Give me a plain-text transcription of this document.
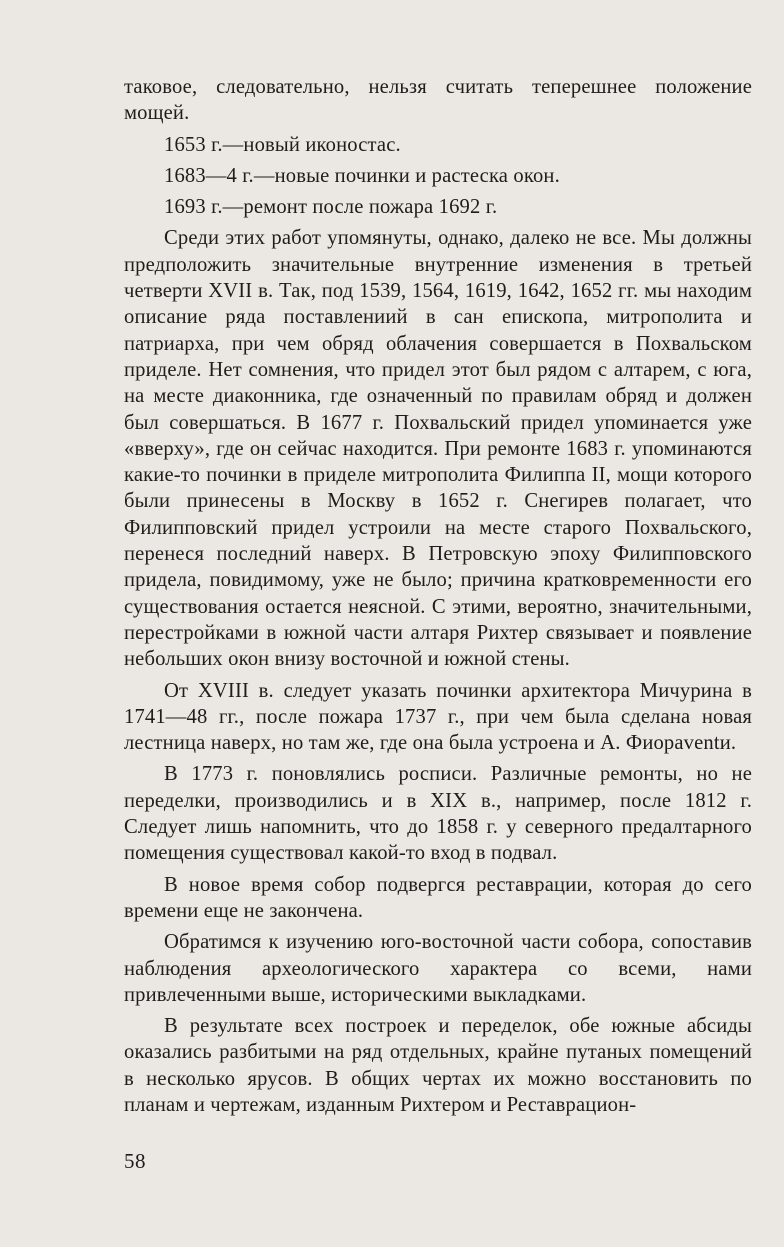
таковое, следовательно, нельзя считать теперешнее положение мощей.

1653 г.—новый иконостас.

1683—4 г.—новые починки и растеска окон.

1693 г.—ремонт после пожара 1692 г.

Среди этих работ упомянуты, однако, далеко не все. Мы должны предположить значительные внутренние изменения в третьей четверти XVII в. Так, под 1539, 1564, 1619, 1642, 1652 гг. мы находим описание ряда поставлениий в сан епископа, митрополита и патриарха, при чем обряд облачения совершается в Похвальском приделе. Нет сомнения, что придел этот был рядом с алтарем, с юга, на месте диаконника, где означенный по правилам обряд и должен был совершаться. В 1677 г. Похвальский придел упоминается уже «вверху», где он сейчас находится. При ремонте 1683 г. упоминаются какие-то починки в приделе митрополита Филиппа II, мощи которого были принесены в Москву в 1652 г. Снегирев полагает, что Филипповский придел устроили на месте старого Похвальского, перенеся последний наверх. В Петровскую эпоху Филипповского придела, повидимому, уже не было; причина кратковременности его существования остается неясной. С этими, вероятно, значительными, перестройками в южной части алтаря Рихтер связывает и появление небольших окон внизу восточной и южной стены.

От XVIII в. следует указать починки архитектора Мичурина в 1741—48 гг., после пожара 1737 г., при чем была сделана новая лестница наверх, но там же, где она была устроена и А. Фиораventи.

В 1773 г. поновлялись росписи. Различные ремонты, но не переделки, производились и в XIX в., например, после 1812 г. Следует лишь напомнить, что до 1858 г. у северного предалтарного помещения существовал какой-то вход в подвал.

В новое время собор подвергся реставрации, которая до сего времени еще не закончена.

Обратимся к изучению юго-восточной части собора, сопоставив наблюдения археологического характера со всеми, нами привлеченными выше, историческими выкладками.

В результате всех построек и переделок, обе южные абсиды оказались разбитыми на ряд отдельных, крайне путаных помещений в несколько ярусов. В общих чертах их можно восстановить по планам и чертежам, изданным Рихтером и Реставрацион-

58
